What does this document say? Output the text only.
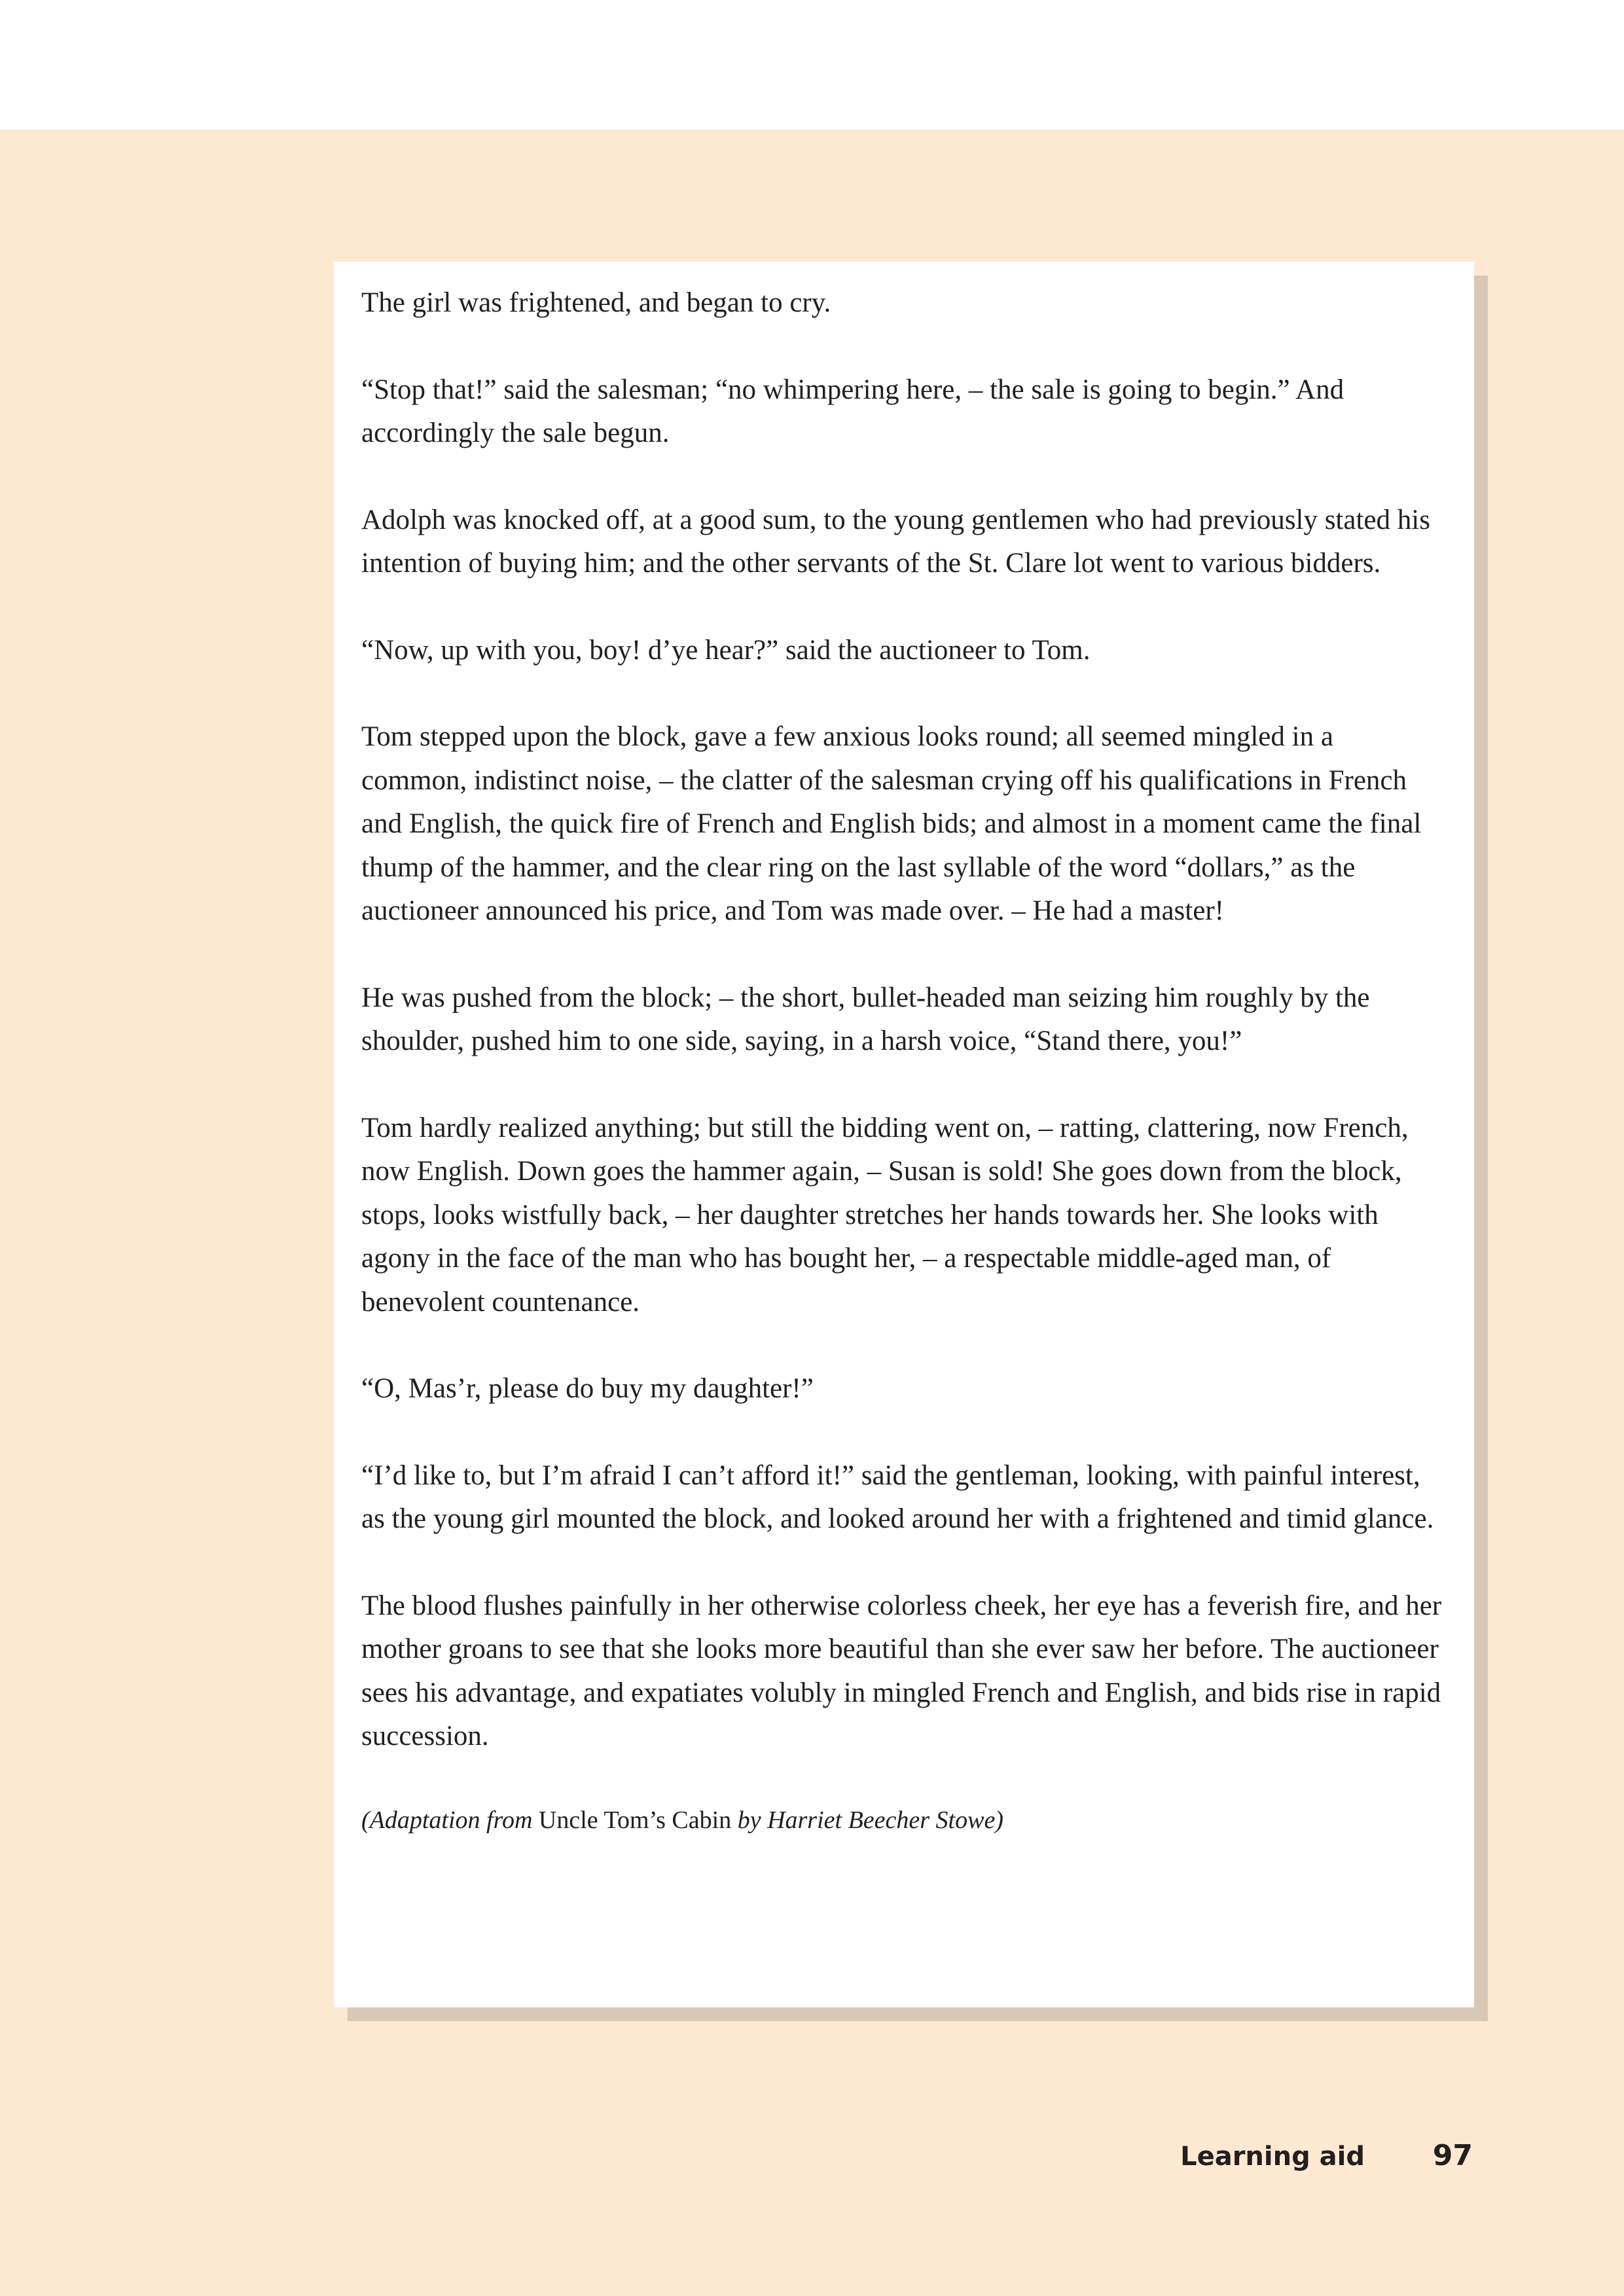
The girl was frightened, and began to cry.

“Stop that!” said the salesman; “no whimpering here, – the sale is going to begin.” And accordingly the sale begun.

Adolph was knocked off, at a good sum, to the young gentlemen who had previously stated his intention of buying him; and the other servants of the St. Clare lot went to various bidders.

“Now, up with you, boy! d’ye hear?” said the auctioneer to Tom.

Tom stepped upon the block, gave a few anxious looks round; all seemed mingled in a common, indistinct noise, – the clatter of the salesman crying off his qualifications in French and English, the quick fire of French and English bids; and almost in a moment came the final thump of the hammer, and the clear ring on the last syllable of the word “dollars,” as the auctioneer announced his price, and Tom was made over. – He had a master!

He was pushed from the block; – the short, bullet-headed man seizing him roughly by the shoulder, pushed him to one side, saying, in a harsh voice, “Stand there, you!”

Tom hardly realized anything; but still the bidding went on, – ratting, clattering, now French, now English. Down goes the hammer again, – Susan is sold! She goes down from the block, stops, looks wistfully back, – her daughter stretches her hands towards her. She looks with agony in the face of the man who has bought her, – a respectable middle-aged man, of benevolent countenance.

“O, Mas’r, please do buy my daughter!”

“I’d like to, but I’m afraid I can’t afford it!” said the gentleman, looking, with painful interest, as the young girl mounted the block, and looked around her with a frightened and timid glance.

The blood flushes painfully in her otherwise colorless cheek, her eye has a feverish fire, and her mother groans to see that she looks more beautiful than she ever saw her before. The auctioneer sees his advantage, and expatiates volubly in mingled French and English, and bids rise in rapid succession.

(Adaptation from Uncle Tom’s Cabin by Harriet Beecher Stowe)

Learning aid	97
